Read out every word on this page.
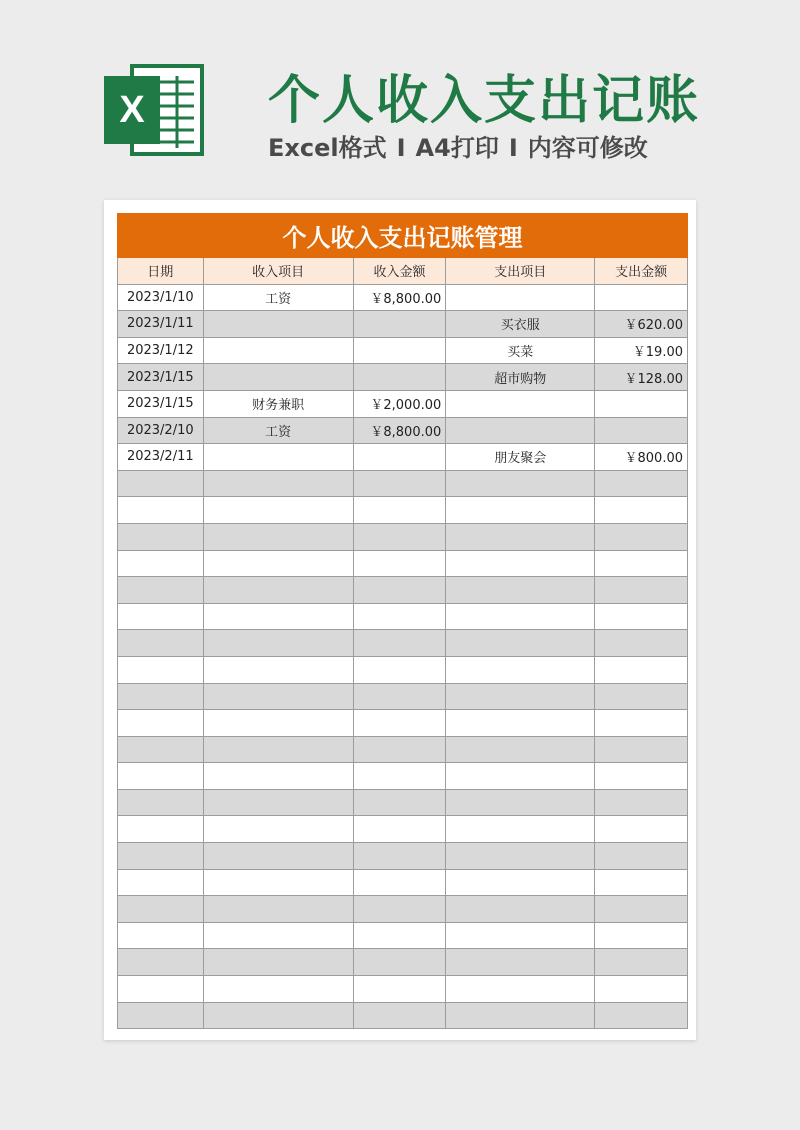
X 个人收入支出记账
Excel格式 I A4打印 I 内容可修改
个人收入支出记账管理				
日期	收入项目	收入金额	支出项目	支出金额
2023/1/10	工资	￥8,800.00		
2023/1/11			买衣服	￥620.00
2023/1/12			买菜	￥19.00
2023/1/15			超市购物	￥128.00
2023/1/15	财务兼职	￥2,000.00		
2023/2/10	工资	￥8,800.00		
2023/2/11			朋友聚会	￥800.00
